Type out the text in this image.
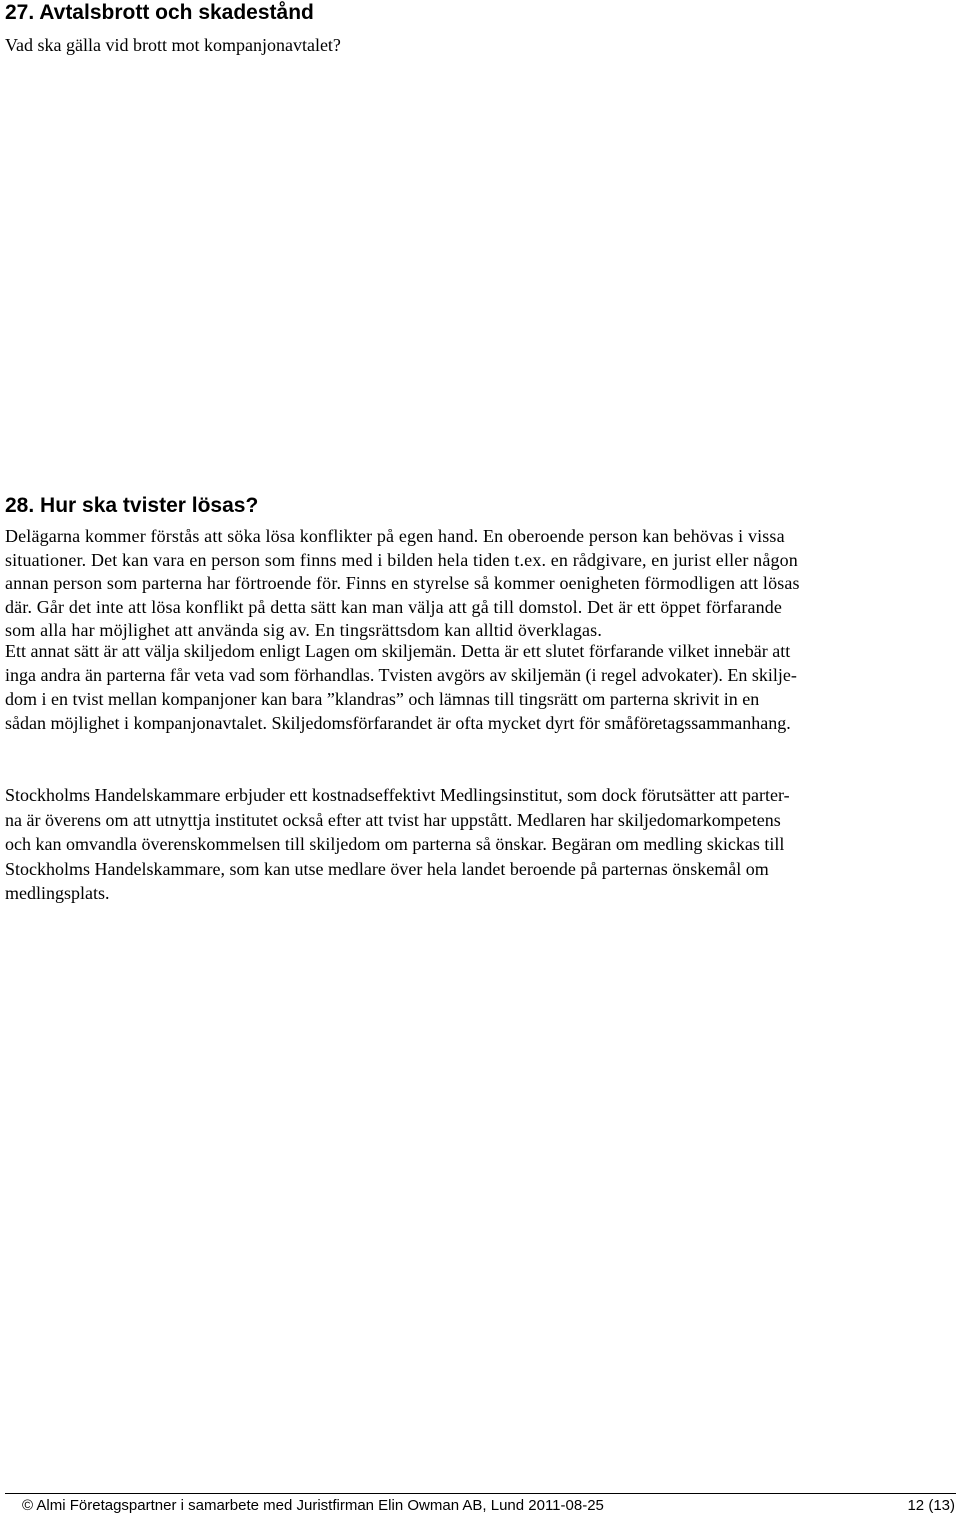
27. Avtalsbrott och skadestånd

Vad ska gälla vid brott mot kompanjonavtalet?

28. Hur ska tvister lösas?

Delägarna kommer förstås att söka lösa konflikter på egen hand. En oberoende person kan behövas i vissa
situationer. Det kan vara en person som finns med i bilden hela tiden t.ex. en rådgivare, en jurist eller någon
annan person som parterna har förtroende för. Finns en styrelse så kommer oenigheten förmodligen att lösas
där. Går det inte att lösa konflikt på detta sätt kan man välja att gå till domstol. Det är ett öppet förfarande
som alla har möjlighet att använda sig av. En tingsrättsdom kan alltid överklagas.

Ett annat sätt är att välja skiljedom enligt Lagen om skiljemän. Detta är ett slutet förfarande vilket innebär att
inga andra än parterna får veta vad som förhandlas. Tvisten avgörs av skiljemän (i regel advokater). En skilje-
dom i en tvist mellan kompanjoner kan bara ”klandras” och lämnas till tingsrätt om parterna skrivit in en
sådan möjlighet i kompanjonavtalet. Skiljedomsförfarandet är ofta mycket dyrt för småföretagssammanhang.

Stockholms Handelskammare erbjuder ett kostnadseffektivt Medlingsinstitut, som dock förutsätter att parter-
na är överens om att utnyttja institutet också efter att tvist har uppstått. Medlaren har skiljedomarkompetens
och kan omvandla överenskommelsen till skiljedom om parterna så önskar. Begäran om medling skickas till
Stockholms Handelskammare, som kan utse medlare över hela landet beroende på parternas önskemål om
medlingsplats.

© Almi Företagspartner i samarbete med Juristfirman Elin Owman AB, Lund 2011-08-25	12 (13)
